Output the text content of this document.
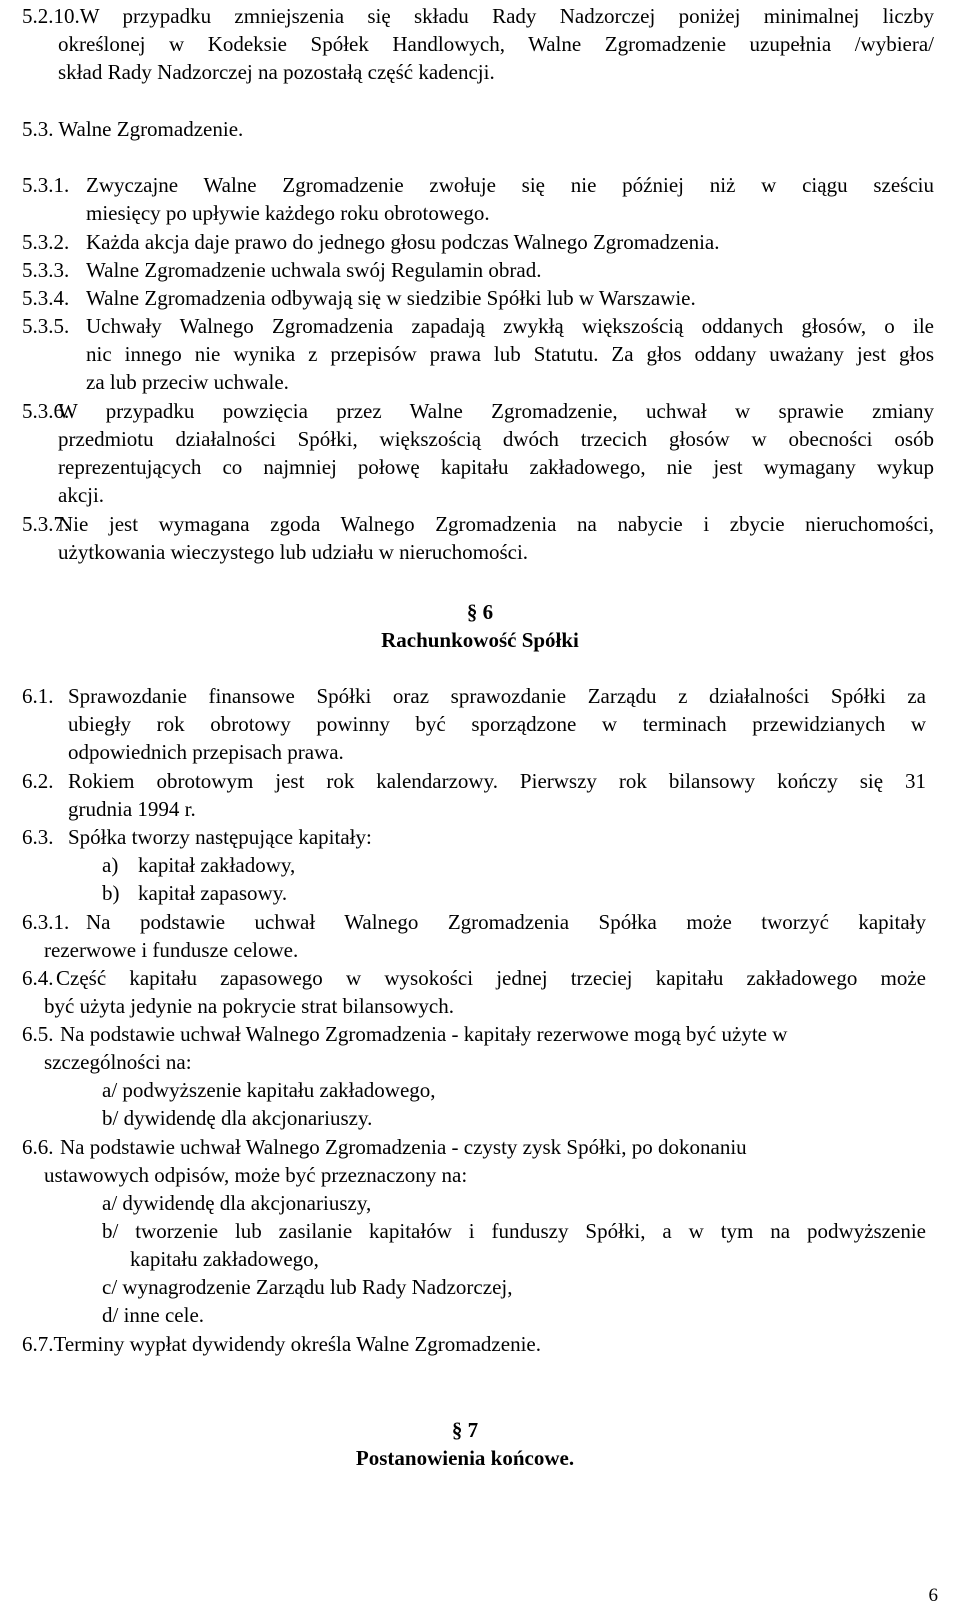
5.2.10. W przypadku zmniejszenia się składu Rady Nadzorczej poniżej minimalnej liczby
określonej w Kodeksie Spółek Handlowych, Walne Zgromadzenie uzupełnia /wybiera/
skład Rady Nadzorczej na pozostałą część kadencji.
5.3. Walne Zgromadzenie.
5.3.1. Zwyczajne Walne Zgromadzenie zwołuje się nie później niż w ciągu sześciu
miesięcy po upływie każdego roku obrotowego.
5.3.2. Każda akcja daje prawo do jednego głosu podczas Walnego Zgromadzenia.
5.3.3. Walne Zgromadzenie uchwala swój Regulamin obrad.
5.3.4. Walne Zgromadzenia odbywają się w siedzibie Spółki lub w Warszawie.
5.3.5. Uchwały Walnego Zgromadzenia zapadają zwykłą większością oddanych głosów, o ile
nic innego nie wynika z przepisów prawa lub Statutu. Za głos oddany uważany jest głos
za lub przeciw uchwale.
5.3.6.
W przypadku powzięcia przez Walne Zgromadzenie, uchwał w sprawie zmiany
przedmiotu działalności Spółki, większością dwóch trzecich głosów w obecności osób
reprezentujących co najmniej połowę kapitału zakładowego, nie jest wymagany wykup
akcji.
5.3.7.
Nie jest wymagana zgoda Walnego Zgromadzenia na nabycie i zbycie nieruchomości,
użytkowania wieczystego lub udziału w nieruchomości.
§ 6
Rachunkowość Spółki
6.1. Sprawozdanie finansowe Spółki oraz sprawozdanie Zarządu z działalności Spółki za
ubiegły rok obrotowy powinny być sporządzone w terminach przewidzianych w
odpowiednich przepisach prawa.
6.2. Rokiem obrotowym jest rok kalendarzowy. Pierwszy rok bilansowy kończy się 31
grudnia 1994 r.
6.3. Spółka tworzy następujące kapitały:
a) kapitał zakładowy,
b) kapitał zapasowy.
6.3.1. Na podstawie uchwał Walnego Zgromadzenia Spółka może tworzyć kapitały
rezerwowe i fundusze celowe.
6.4. Część kapitału zapasowego w wysokości jednej trzeciej kapitału zakładowego może
być użyta jedynie na pokrycie strat bilansowych.
6.5. Na podstawie uchwał Walnego Zgromadzenia - kapitały rezerwowe mogą być użyte w
szczególności na:
a/ podwyższenie kapitału zakładowego,
b/ dywidendę dla akcjonariuszy.
6.6. Na podstawie uchwał Walnego Zgromadzenia - czysty zysk Spółki, po dokonaniu
ustawowych odpisów, może być przeznaczony na:
a/ dywidendę dla akcjonariuszy,
b/ tworzenie lub zasilanie kapitałów i funduszy Spółki, a w tym na podwyższenie
kapitału zakładowego,
c/ wynagrodzenie Zarządu lub Rady Nadzorczej,
d/ inne cele.
6.7. Terminy wypłat dywidendy określa Walne Zgromadzenie.
§ 7
Postanowienia końcowe.
6
